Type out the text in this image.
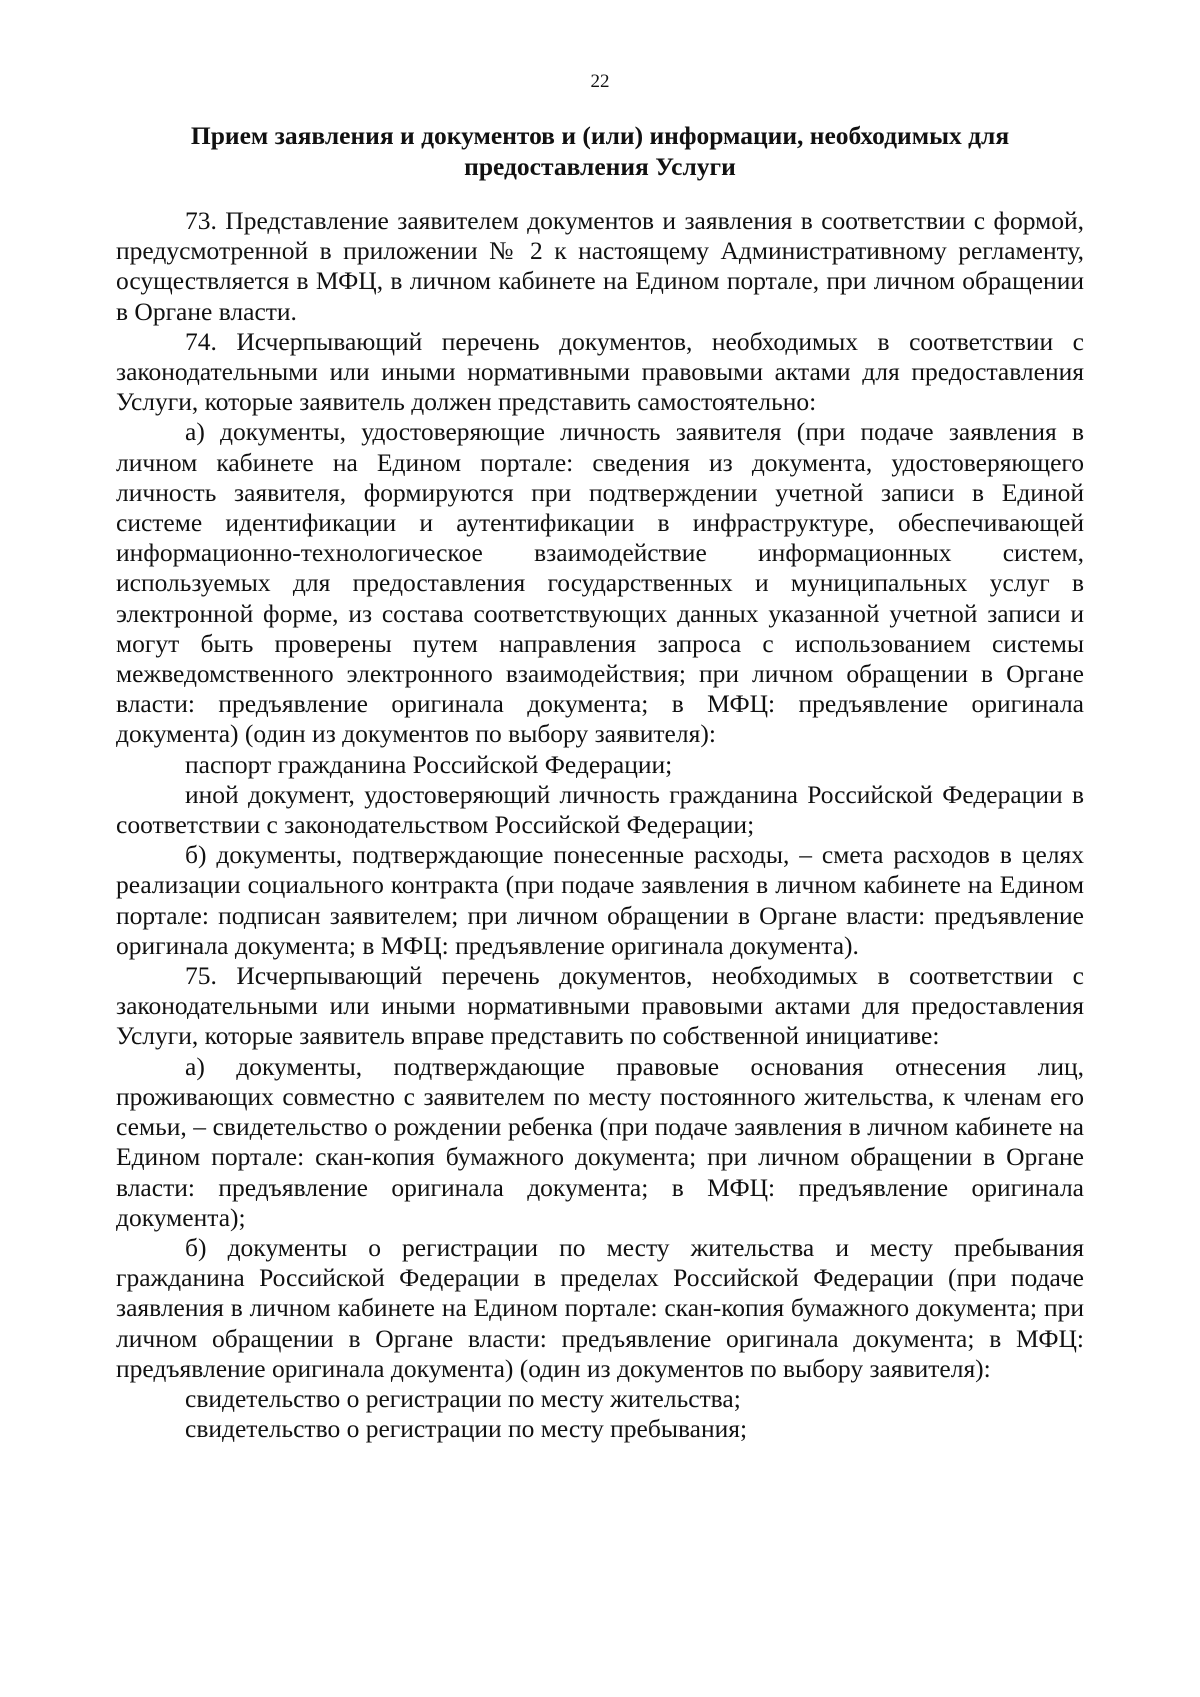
22
Прием заявления и документов и (или) информации, необходимых для предоставления Услуги

73. Представление заявителем документов и заявления в соответствии с формой, предусмотренной в приложении № 2 к настоящему Административному регламенту, осуществляется в МФЦ, в личном кабинете на Едином портале, при личном обращении в Органе власти.

74. Исчерпывающий перечень документов, необходимых в соответствии с законодательными или иными нормативными правовыми актами для предоставления Услуги, которые заявитель должен представить самостоятельно:

а) документы, удостоверяющие личность заявителя (при подаче заявления в личном кабинете на Едином портале: сведения из документа, удостоверяющего личность заявителя, формируются при подтверждении учетной записи в Единой системе идентификации и аутентификации в инфраструктуре, обеспечивающей информационно-технологическое взаимодействие информационных систем, используемых для предоставления государственных и муниципальных услуг в электронной форме, из состава соответствующих данных указанной учетной записи и могут быть проверены путем направления запроса с использованием системы межведомственного электронного взаимодействия; при личном обращении в Органе власти: предъявление оригинала документа; в МФЦ: предъявление оригинала документа) (один из документов по выбору заявителя):

паспорт гражданина Российской Федерации;

иной документ, удостоверяющий личность гражданина Российской Федерации в соответствии с законодательством Российской Федерации;

б) документы, подтверждающие понесенные расходы, – смета расходов в целях реализации социального контракта (при подаче заявления в личном кабинете на Едином портале: подписан заявителем; при личном обращении в Органе власти: предъявление оригинала документа; в МФЦ: предъявление оригинала документа).

75. Исчерпывающий перечень документов, необходимых в соответствии с законодательными или иными нормативными правовыми актами для предоставления Услуги, которые заявитель вправе представить по собственной инициативе:

а) документы, подтверждающие правовые основания отнесения лиц, проживающих совместно с заявителем по месту постоянного жительства, к членам его семьи, – свидетельство о рождении ребенка (при подаче заявления в личном кабинете на Едином портале: скан-копия бумажного документа; при личном обращении в Органе власти: предъявление оригинала документа; в МФЦ: предъявление оригинала документа);

б) документы о регистрации по месту жительства и месту пребывания гражданина Российской Федерации в пределах Российской Федерации (при подаче заявления в личном кабинете на Едином портале: скан-копия бумажного документа; при личном обращении в Органе власти: предъявление оригинала документа; в МФЦ: предъявление оригинала документа) (один из документов по выбору заявителя):

свидетельство о регистрации по месту жительства;

свидетельство о регистрации по месту пребывания;
